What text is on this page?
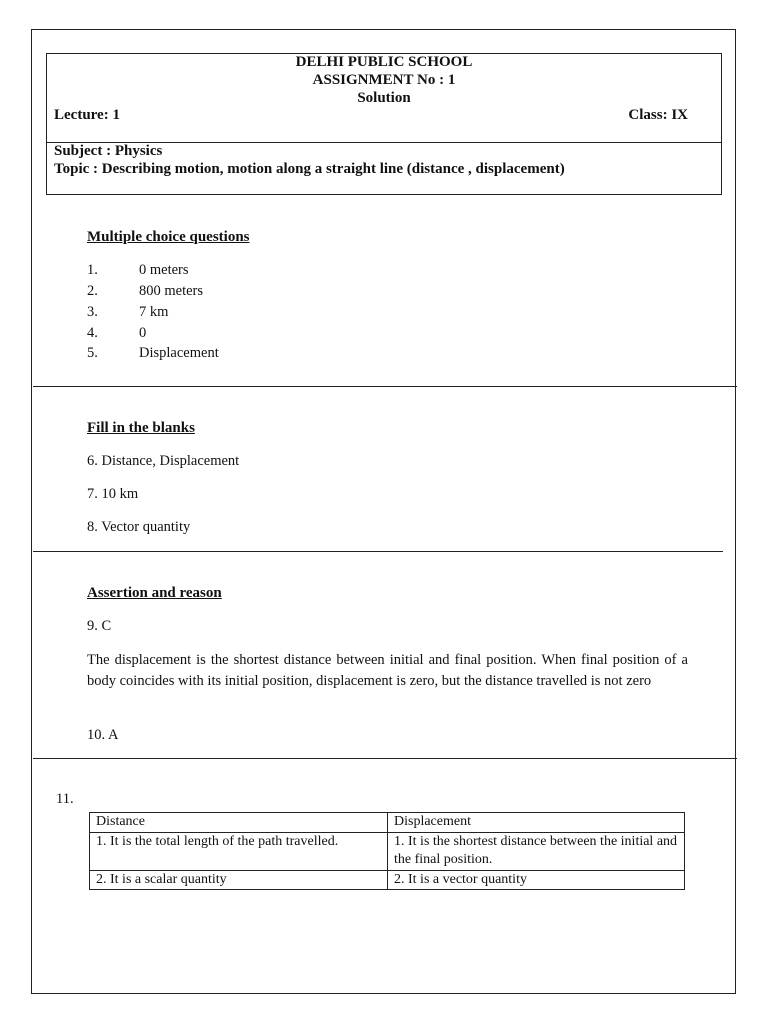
DELHI PUBLIC SCHOOL
ASSIGNMENT No : 1
Solution
Lecture: 1	Class: IX
Subject : Physics
Topic : Describing motion, motion along a straight line (distance , displacement)
Multiple choice questions
1.	0 meters
2.	800 meters
3.	7 km
4.	0
5.	Displacement
Fill in the blanks
6. Distance, Displacement
7. 10 km
8. Vector quantity
Assertion and reason
9. C
The displacement is the shortest distance between initial and final position. When final position of a body coincides with its initial position, displacement is zero, but the distance travelled is not zero
10. A
11.
Distance	Displacement
1. It is the total length of the path travelled.	1. It is the shortest distance between the initial and the final position.
2. It is a scalar quantity	2. It is a vector quantity
